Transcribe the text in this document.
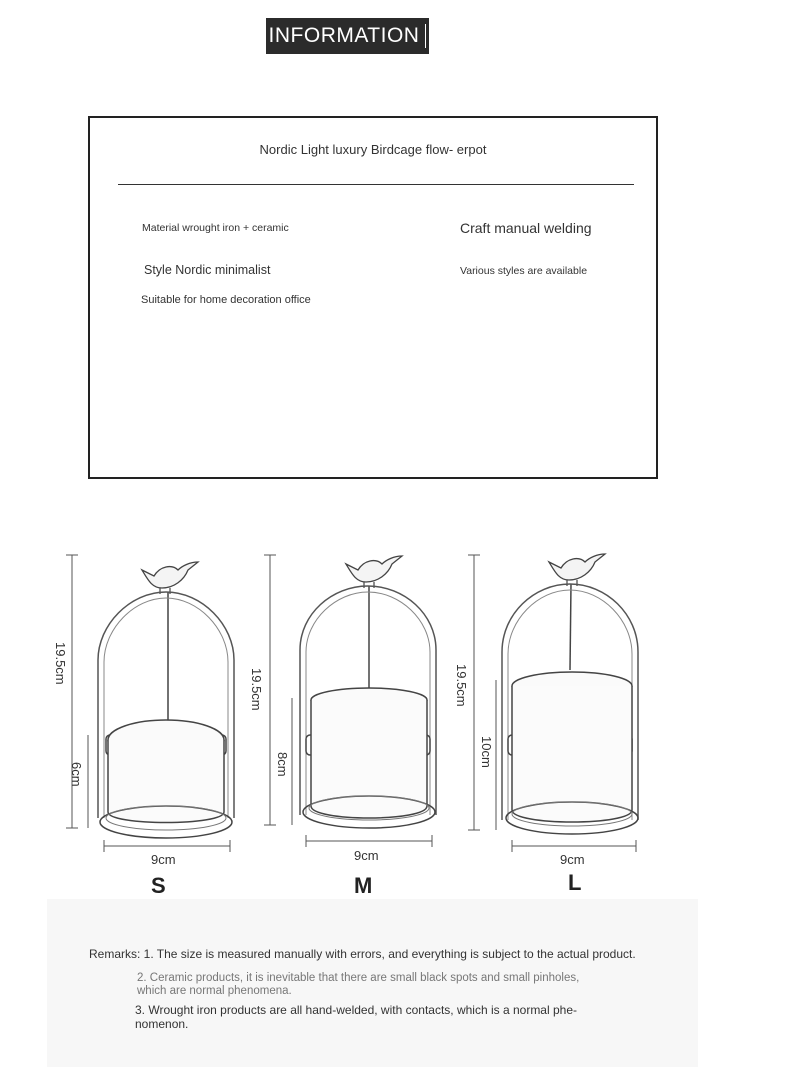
INFORMATION
Nordic Light luxury Birdcage flow- erpot
Material wrought iron + ceramic	Craft manual welding
Style Nordic minimalist	Various styles are available
Suitable for home decoration office
19.5cm
6cm
9cm
S
19.5cm
8cm
9cm
M
19.5cm
10cm
9cm
L
Remarks: 1. The size is measured manually with errors, and everything is subject to the actual product.
2. Ceramic products, it is inevitable that there are small black spots and small pinholes,
which are normal phenomena.
3. Wrought iron products are all hand-welded, with contacts, which is a normal phe-
nomenon.
